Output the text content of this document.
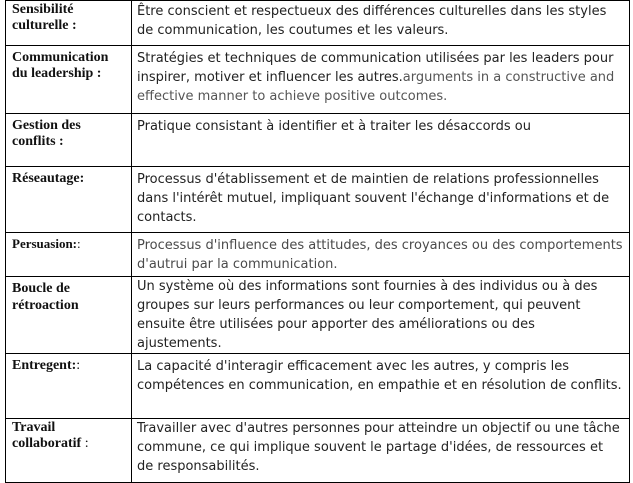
Sensibilité culturelle :	Être conscient et respectueux des différences culturelles dans les styles de communication, les coutumes et les valeurs.
Communication du leadership :	Stratégies et techniques de communication utilisées par les leaders pour inspirer, motiver et influencer les autres.arguments in a constructive and effective manner to achieve positive outcomes.
Gestion des conflits :	Pratique consistant à identifier et à traiter les désaccords ou
Réseautage:	Processus d'établissement et de maintien de relations professionnelles dans l'intérêt mutuel, impliquant souvent l'échange d'informations et de contacts.
Persuasion::	Processus d'influence des attitudes, des croyances ou des comportements d'autrui par la communication.
Boucle de rétroaction	Un système où des informations sont fournies à des individus ou à des groupes sur leurs performances ou leur comportement, qui peuvent ensuite être utilisées pour apporter des améliorations ou des ajustements.
Entregent::	La capacité d'interagir efficacement avec les autres, y compris les compétences en communication, en empathie et en résolution de conflits.
Travail collaboratif :	Travailler avec d'autres personnes pour atteindre un objectif ou une tâche commune, ce qui implique souvent le partage d'idées, de ressources et de responsabilités.
